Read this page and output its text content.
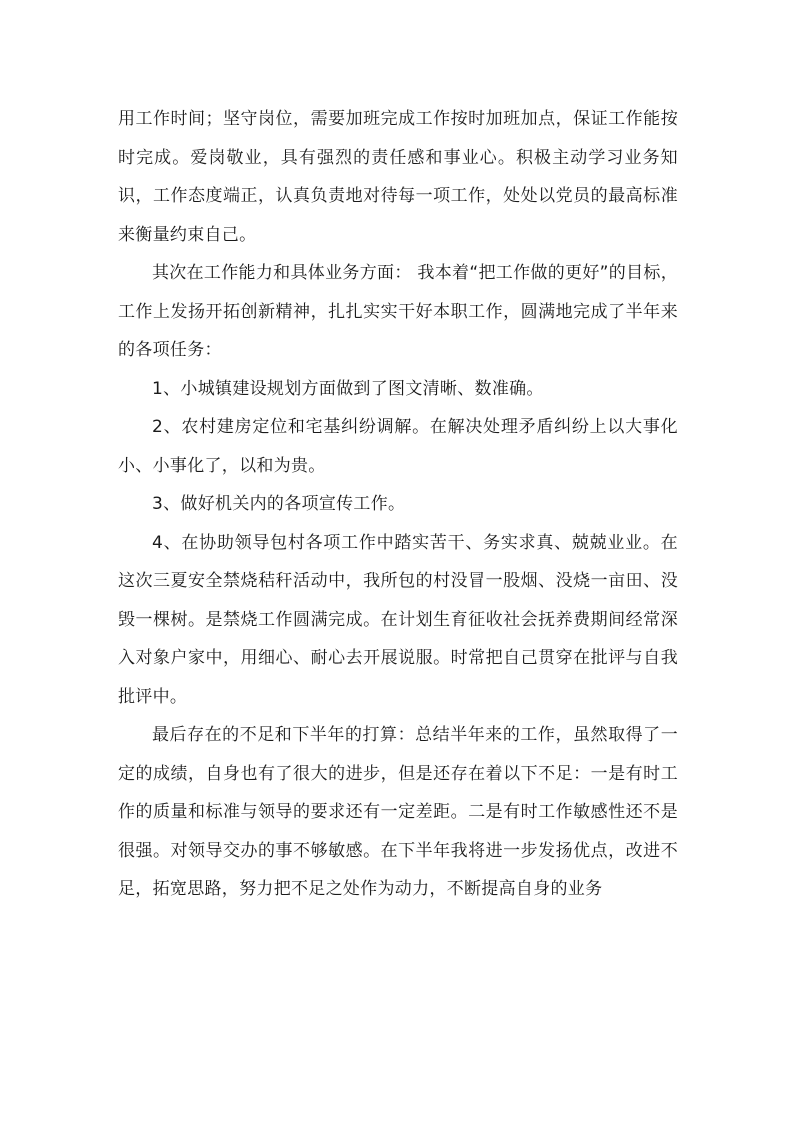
用工作时间；坚守岗位，需要加班完成工作按时加班加点，保证工作能按时完成。爱岗敬业，具有强烈的责任感和事业心。积极主动学习业务知识，工作态度端正，认真负责地对待每一项工作，处处以党员的最高标准来衡量约束自己。

其次在工作能力和具体业务方面： 我本着“把工作做的更好”的目标，工作上发扬开拓创新精神，扎扎实实干好本职工作，圆满地完成了半年来的各项任务：

1、小城镇建设规划方面做到了图文清晰、数准确。

2、农村建房定位和宅基纠纷调解。在解决处理矛盾纠纷上以大事化小、小事化了，以和为贵。

3、做好机关内的各项宣传工作。

4、在协助领导包村各项工作中踏实苦干、务实求真、兢兢业业。在这次三夏安全禁烧秸秆活动中，我所包的村没冒一股烟、没烧一亩田、没毁一棵树。是禁烧工作圆满完成。在计划生育征收社会抚养费期间经常深入对象户家中，用细心、耐心去开展说服。时常把自己贯穿在批评与自我批评中。

最后存在的不足和下半年的打算：总结半年来的工作，虽然取得了一定的成绩，自身也有了很大的进步，但是还存在着以下不足：一是有时工作的质量和标准与领导的要求还有一定差距。二是有时工作敏感性还不是很强。对领导交办的事不够敏感。在下半年我将进一步发扬优点，改进不足，拓宽思路，努力把不足之处作为动力，不断提高自身的业务
